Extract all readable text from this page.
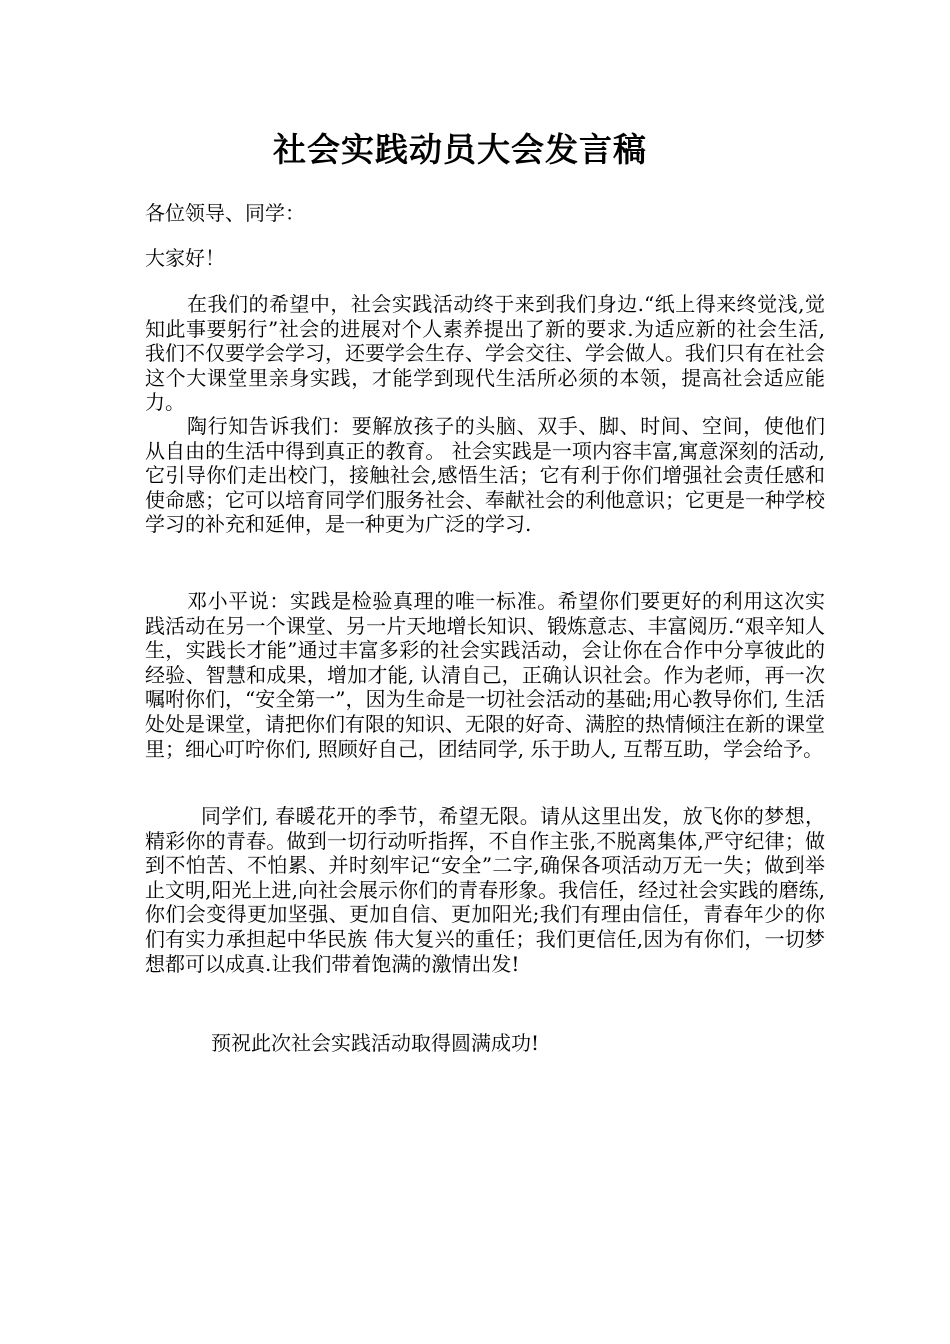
社会实践动员大会发言稿
各位领导、同学：
大家好！
在我们的希望中，社会实践活动终于来到我们身边.“纸上得来终觉浅,觉知此事要躬行”社会的进展对个人素养提出了新的要求.为适应新的社会生活,我们不仅要学会学习，还要学会生存、学会交往、学会做人。我们只有在社会这个大课堂里亲身实践，才能学到现代生活所必须的本领，提高社会适应能力。
陶行知告诉我们：要解放孩子的头脑、双手、脚、时间、空间，使他们从自由的生活中得到真正的教育。 社会实践是一项内容丰富,寓意深刻的活动,它引导你们走出校门，接触社会,感悟生活；它有利于你们增强社会责任感和使命感；它可以培育同学们服务社会、奉献社会的利他意识；它更是一种学校学习的补充和延伸，是一种更为广泛的学习.
邓小平说：实践是检验真理的唯一标准。希望你们要更好的利用这次实践活动在另一个课堂、另一片天地增长知识、锻炼意志、丰富阅历.“艰辛知人生，实践长才能”通过丰富多彩的社会实践活动，会让你在合作中分享彼此的经验、智慧和成果，增加才能, 认清自己，正确认识社会。作为老师，再一次嘱咐你们，“安全第一”，因为生命是一切社会活动的基础;用心教导你们, 生活处处是课堂，请把你们有限的知识、无限的好奇、满腔的热情倾注在新的课堂里；细心叮咛你们, 照顾好自己，团结同学, 乐于助人, 互帮互助，学会给予。
同学们, 春暖花开的季节，希望无限。请从这里出发，放飞你的梦想，精彩你的青春。做到一切行动听指挥，不自作主张,不脱离集体,严守纪律；做到不怕苦、不怕累、并时刻牢记“安全”二字,确保各项活动万无一失；做到举止文明,阳光上进,向社会展示你们的青春形象。我信任，经过社会实践的磨练,你们会变得更加坚强、更加自信、更加阳光;我们有理由信任，青春年少的你们有实力承担起中华民族 伟大复兴的重任；我们更信任,因为有你们，一切梦想都可以成真.让我们带着饱满的激情出发!
预祝此次社会实践活动取得圆满成功!
